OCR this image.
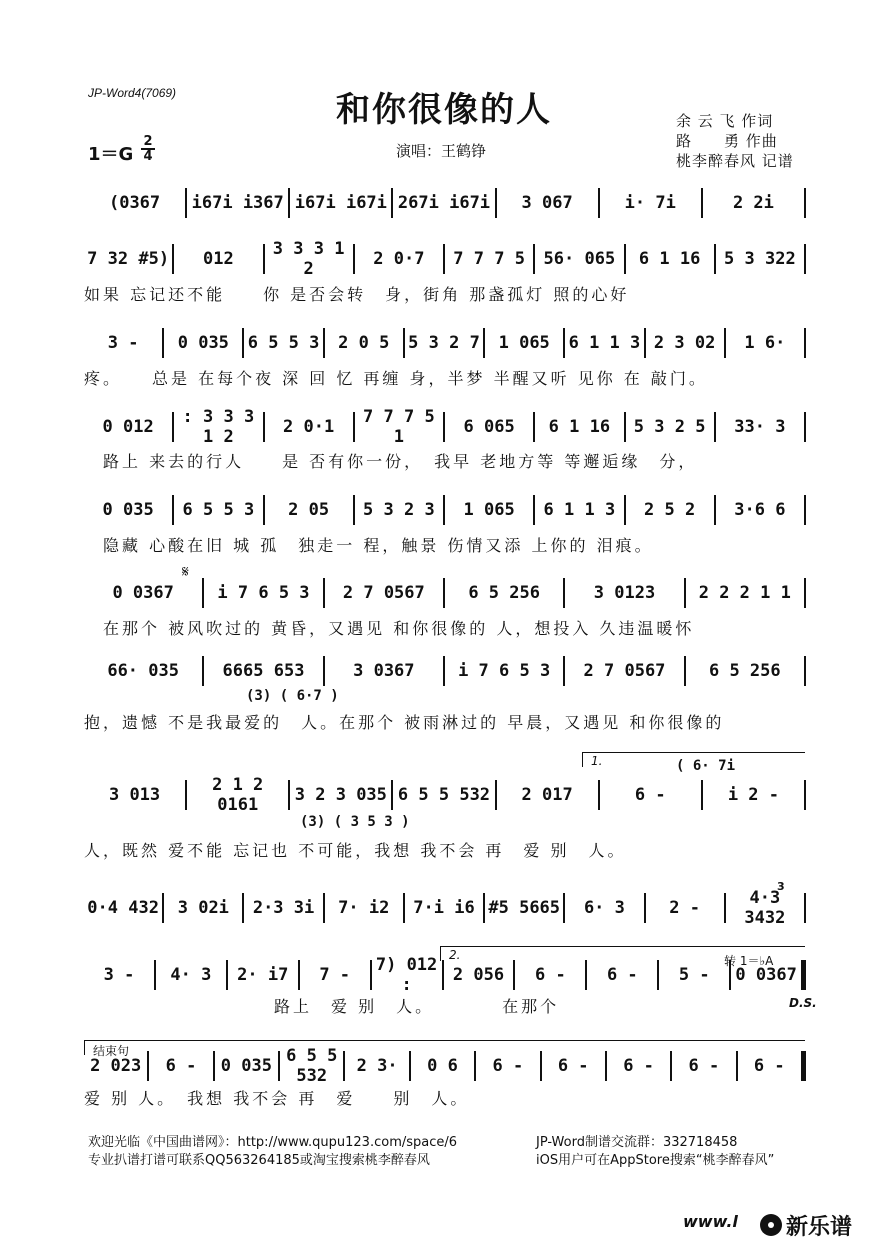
JP-Word4(7069)	和你很像的人
1＝G
2
4	演唱：王鹤铮
余 云 飞 作词
路　　勇 作曲
桃李醉春风 记谱
(0367	i67i i367 i67i i67i 267i i67i	3 067	i· 7i	2 2i
7 32 #5)	012	3 3 3 1 2	2 0·7	7 7 7 5	56· 065	6 1 16	5 3 322
3 -	0 035	6 5 5 3	2 0 5	5 3 2 7	1 065	6 1 1 3 2 3 02	1 6·
0 012	: 3 3 3 1 2	2 0·1	7 7 7 5 1	6 065	6 1 16	5 3 2 5	33· 3
0 035	6 5 5 3	2 05	5 3 2 3	1 065	6 1 1 3	2 5 2	3·6 6
0 0367	i 7 6 5 3	2 7 0567	6 5 256	3 0123	2 2 2 1 1
66· 035	6665 653	3 0367	i 7 6 5 3	2 7 0567	6 5 256
3 013	2 1 2 0161	3 2 3 035 6 5 5 532	2 017	6 -	i 2 -
0·4 432	3 02i	2·3 3i	7· i2	7·i i6 #5 5665	6· 3	2 -	4·3 3432
3 -	4· 3	2· i7	7 -	7) 012 :	2 056	6 -	6 -	5 -	0 0367
2 023	6 -	0 035 6 5 5 532	2 3·	0 6	6 -	6 -	6 -	6 -	6 -
如果 忘记还不能　　你 是否会转　身，街角 那盏孤灯 照的心好
疼。　　总是 在每个夜 深 回 忆 再缠 身，半梦 半醒又听 见你 在 敲门。
　路上 来去的行人　　是 否有你一份，　我早 老地方等 等邂逅缘　分，
　隐藏 心酸在旧 城 孤　独走一 程，触景 伤情又添 上你的 泪痕。
　在那个 被风吹过的 黄昏，又遇见 和你很像的 人，想投入 久违温暖怀
抱，遗憾 不是我最爱的　人。在那个 被雨淋过的 早晨，又遇见 和你很像的
人，既然 爱不能 忘记也 不可能，我想 我不会 再　爱 别　人。
　　　　　　　　　　路上　爱 别　人。　　　　在那个
爱 别 人。　我想 我不会 再　爱　　别　人。
𝄋
1.
2.
结束句
(3) ( 6·7 )
(3) ( 3 5 3 )
( 6· 7i
转 1＝♭A
D.S.
3
欢迎光临《中国曲谱网》：http://www.qupu123.com/space/6
专业扒谱打谱可联系QQ563264185或淘宝搜索桃李醉春风
JP-Word制谱交流群：332718458
iOS用户可在AppStore搜索“桃李醉春风”
www.l 新乐谱
